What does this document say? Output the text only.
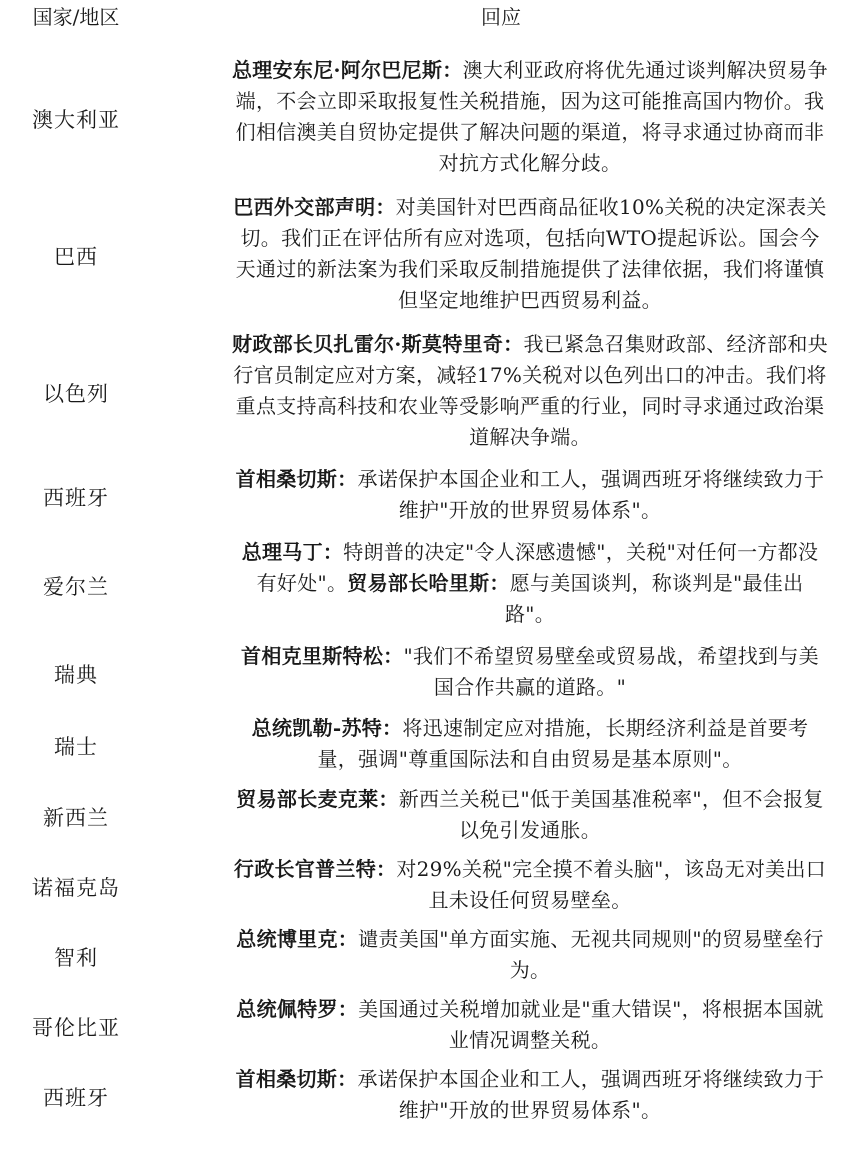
国家/地区	回应
澳大利亚	总理安东尼·阿尔巴尼斯：澳大利亚政府将优先通过谈判解决贸易争端，不会立即采取报复性关税措施，因为这可能推高国内物价。我们相信澳美自贸协定提供了解决问题的渠道，将寻求通过协商而非对抗方式化解分歧。
巴西	巴西外交部声明：对美国针对巴西商品征收10%关税的决定深表关切。我们正在评估所有应对选项，包括向WTO提起诉讼。国会今天通过的新法案为我们采取反制措施提供了法律依据，我们将谨慎但坚定地维护巴西贸易利益。
以色列	财政部长贝扎雷尔·斯莫特里奇：我已紧急召集财政部、经济部和央行官员制定应对方案，减轻17%关税对以色列出口的冲击。我们将重点支持高科技和农业等受影响严重的行业，同时寻求通过政治渠道解决争端。
西班牙	首相桑切斯：承诺保护本国企业和工人，强调西班牙将继续致力于维护"开放的世界贸易体系"。
爱尔兰	总理马丁：特朗普的决定"令人深感遗憾"，关税"对任何一方都没有好处"。贸易部长哈里斯：愿与美国谈判，称谈判是"最佳出路"。
瑞典	首相克里斯特松："我们不希望贸易壁垒或贸易战，希望找到与美国合作共赢的道路。"
瑞士	总统凯勒-苏特：将迅速制定应对措施，长期经济利益是首要考量，强调"尊重国际法和自由贸易是基本原则"。
新西兰	贸易部长麦克莱：新西兰关税已"低于美国基准税率"，但不会报复以免引发通胀。
诺福克岛	行政长官普兰特：对29%关税"完全摸不着头脑"，该岛无对美出口且未设任何贸易壁垒。
智利	总统博里克：谴责美国"单方面实施、无视共同规则"的贸易壁垒行为。
哥伦比亚	总统佩特罗：美国通过关税增加就业是"重大错误"，将根据本国就业情况调整关税。
西班牙	首相桑切斯：承诺保护本国企业和工人，强调西班牙将继续致力于维护"开放的世界贸易体系"。
